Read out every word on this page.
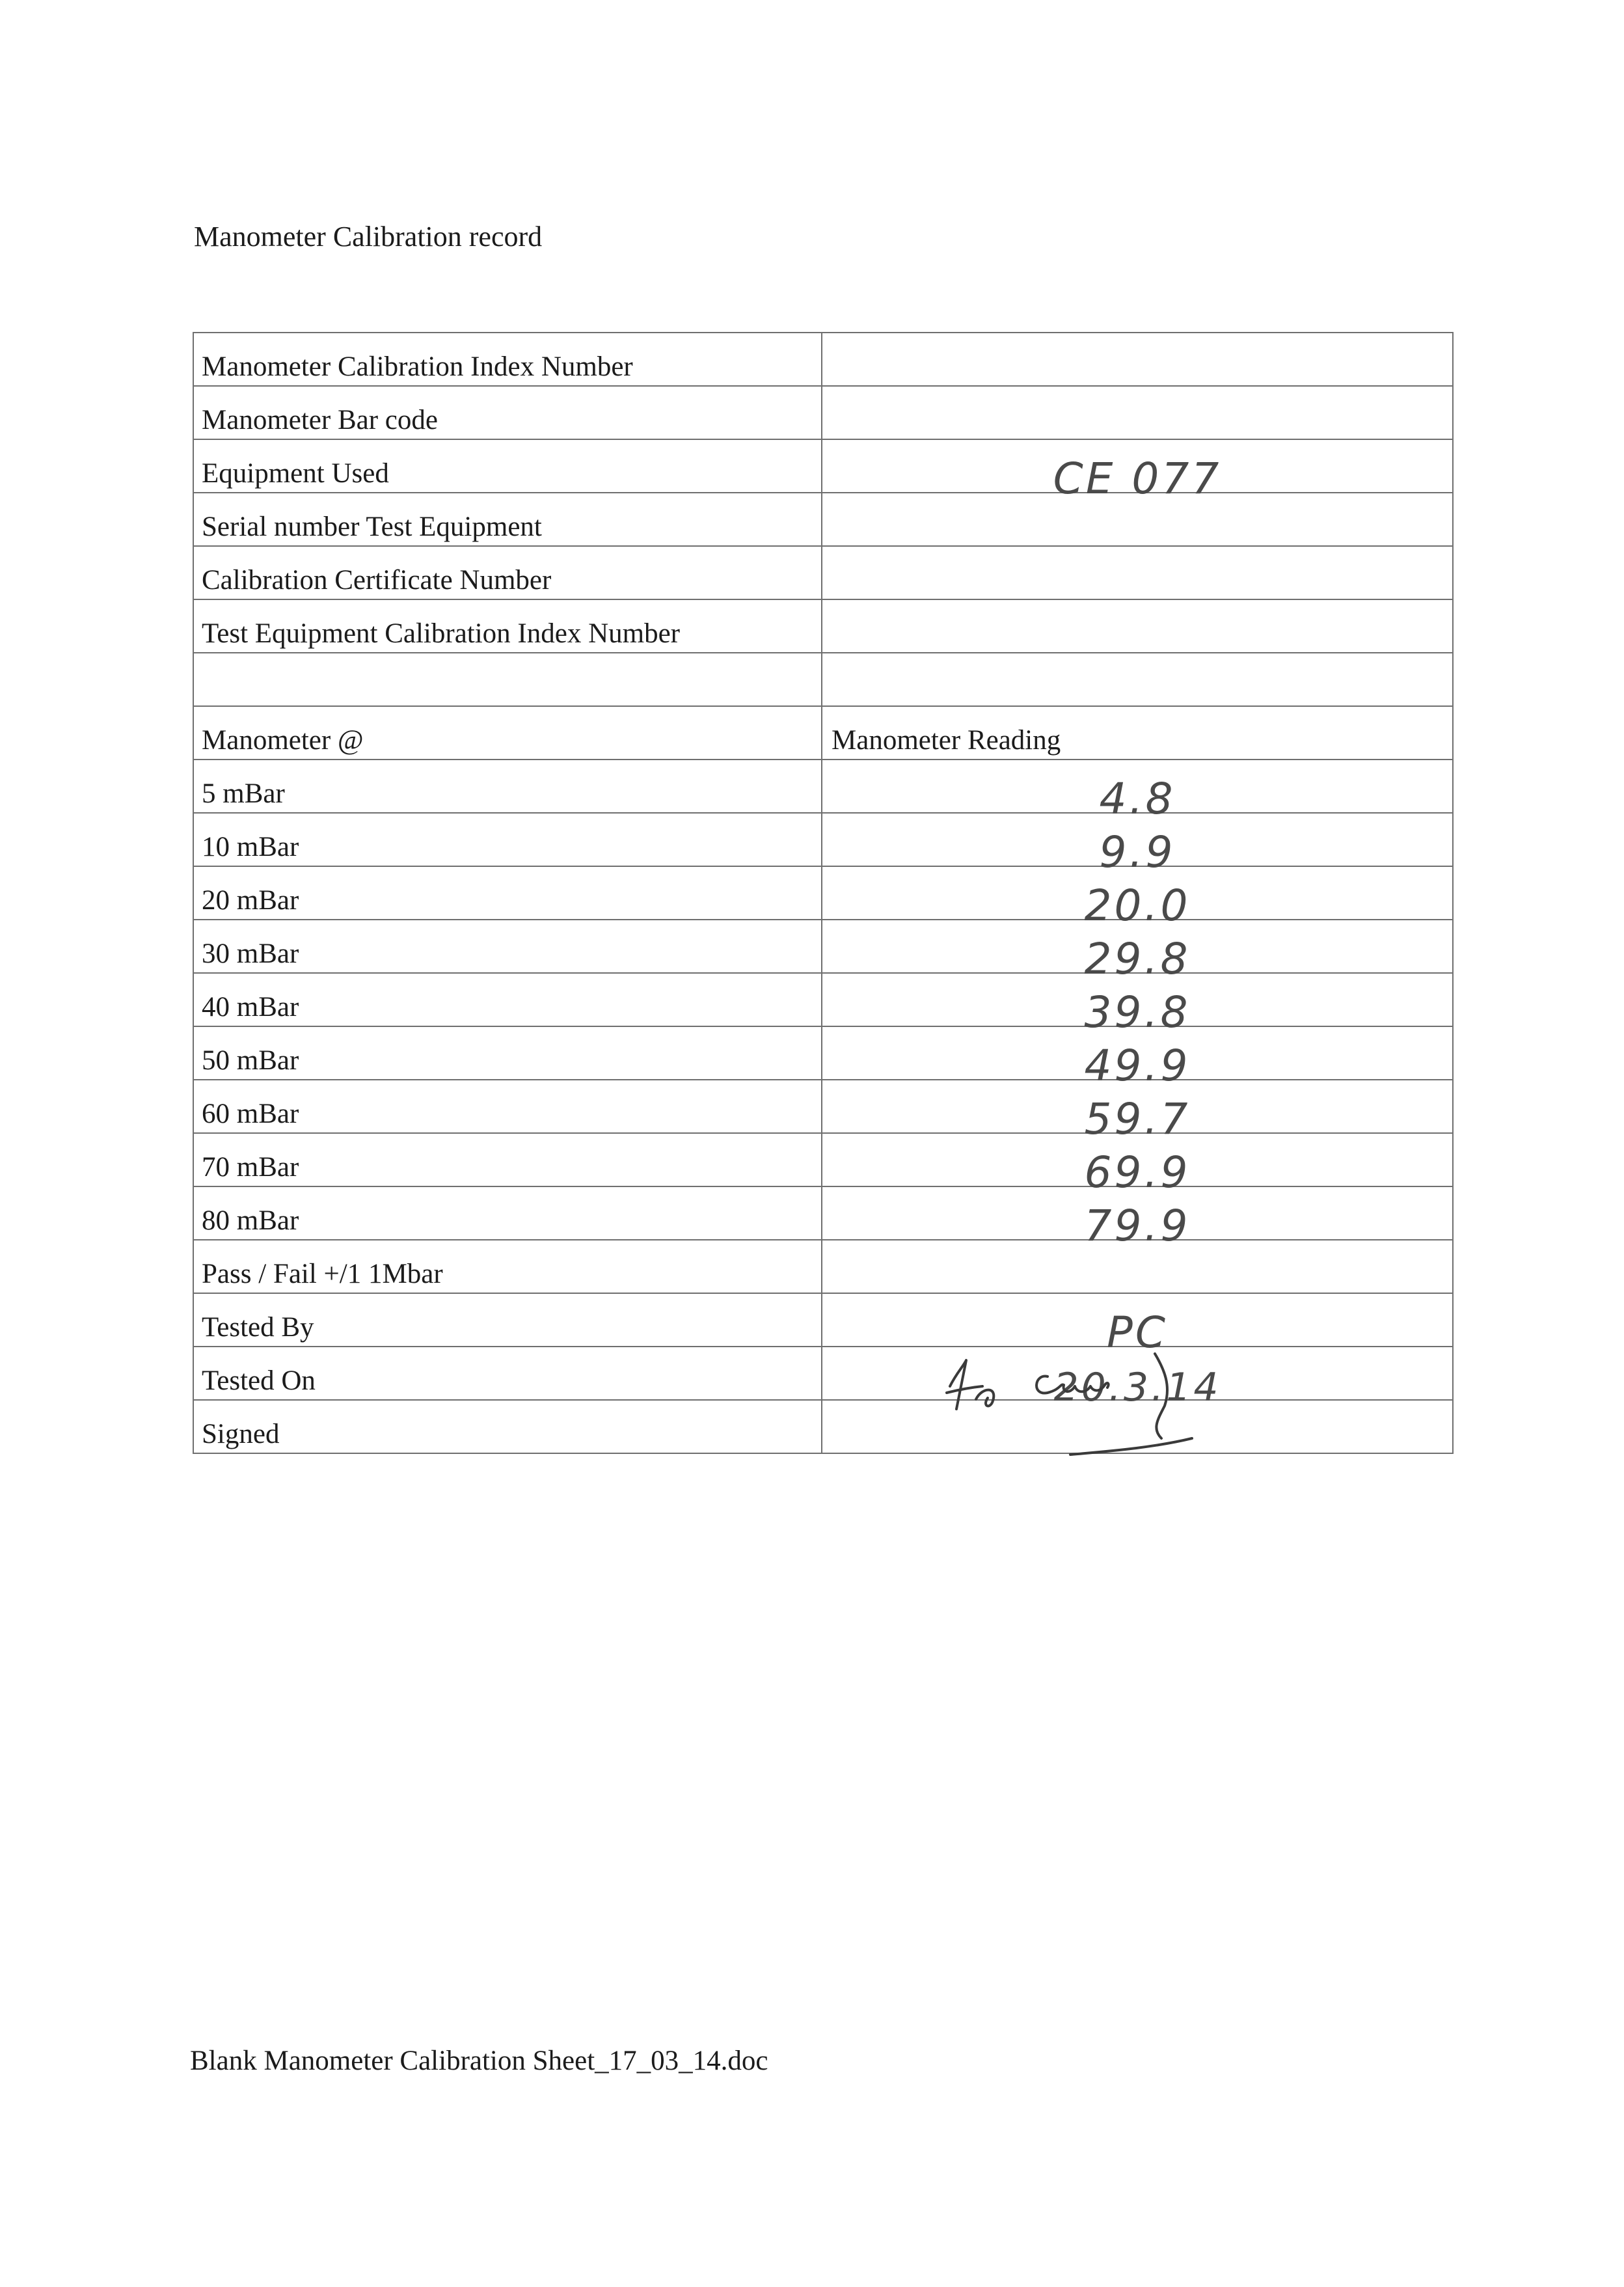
Manometer Calibration record
Manometer Calibration Index Number	

Manometer Bar code	

Equipment Used	CE 077

Serial number Test Equipment	

Calibration Certificate Number	

Test Equipment Calibration Index Number	

Manometer @	Manometer Reading
5 mBar	4.8

10 mBar	9.9

20 mBar	20.0

30 mBar	29.8

40 mBar	39.8

50 mBar	49.9

60 mBar	59.7

70 mBar	69.9

80 mBar	79.9

Pass / Fail +/1 1Mbar	

Tested By	PC

Tested On	20.3.14

Signed	
Blank Manometer Calibration Sheet_17_03_14.doc
